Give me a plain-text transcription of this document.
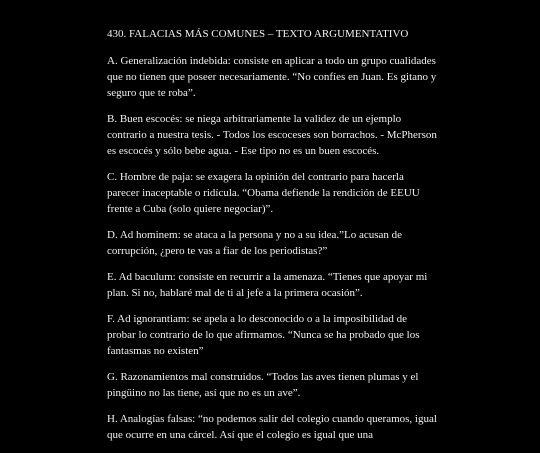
430. FALACIAS MÁS COMUNES – TEXTO ARGUMENTATIVO

A. Generalización indebida: consiste en aplicar a todo un grupo cualidades que no tienen que poseer necesariamente. “No confíes en Juan. Es gitano y seguro que te roba”.

B. Buen escocés: se niega arbitrariamente la validez de un ejemplo contrario a nuestra tesis. - Todos los escoceses son borrachos. - McPherson es escocés y sólo bebe agua. - Ese tipo no es un buen escocés.

C. Hombre de paja: se exagera la opinión del contrario para hacerla parecer inaceptable o ridícula. “Obama defiende la rendición de EEUU frente a Cuba (solo quiere negociar)”.

D. Ad hominem: se ataca a la persona y no a su idea.”Lo acusan de corrupción, ¿pero te vas a fiar de los periodistas?”

E. Ad baculum: consiste en recurrir a la amenaza. “Tienes que apoyar mi plan. Si no, hablaré mal de ti al jefe a la primera ocasión”.

F. Ad ignorantiam: se apela a lo desconocido o a la imposibilidad de probar lo contrario de lo que afirmamos. “Nunca se ha probado que los fantasmas no existen”

G. Razonamientos mal construidos. “Todos las aves tienen plumas y el pingüino no las tiene, así que no es un ave”.

H. Analogías falsas: “no podemos salir del colegio cuando queramos, igual que ocurre en una cárcel. Así que el colegio es igual que una
